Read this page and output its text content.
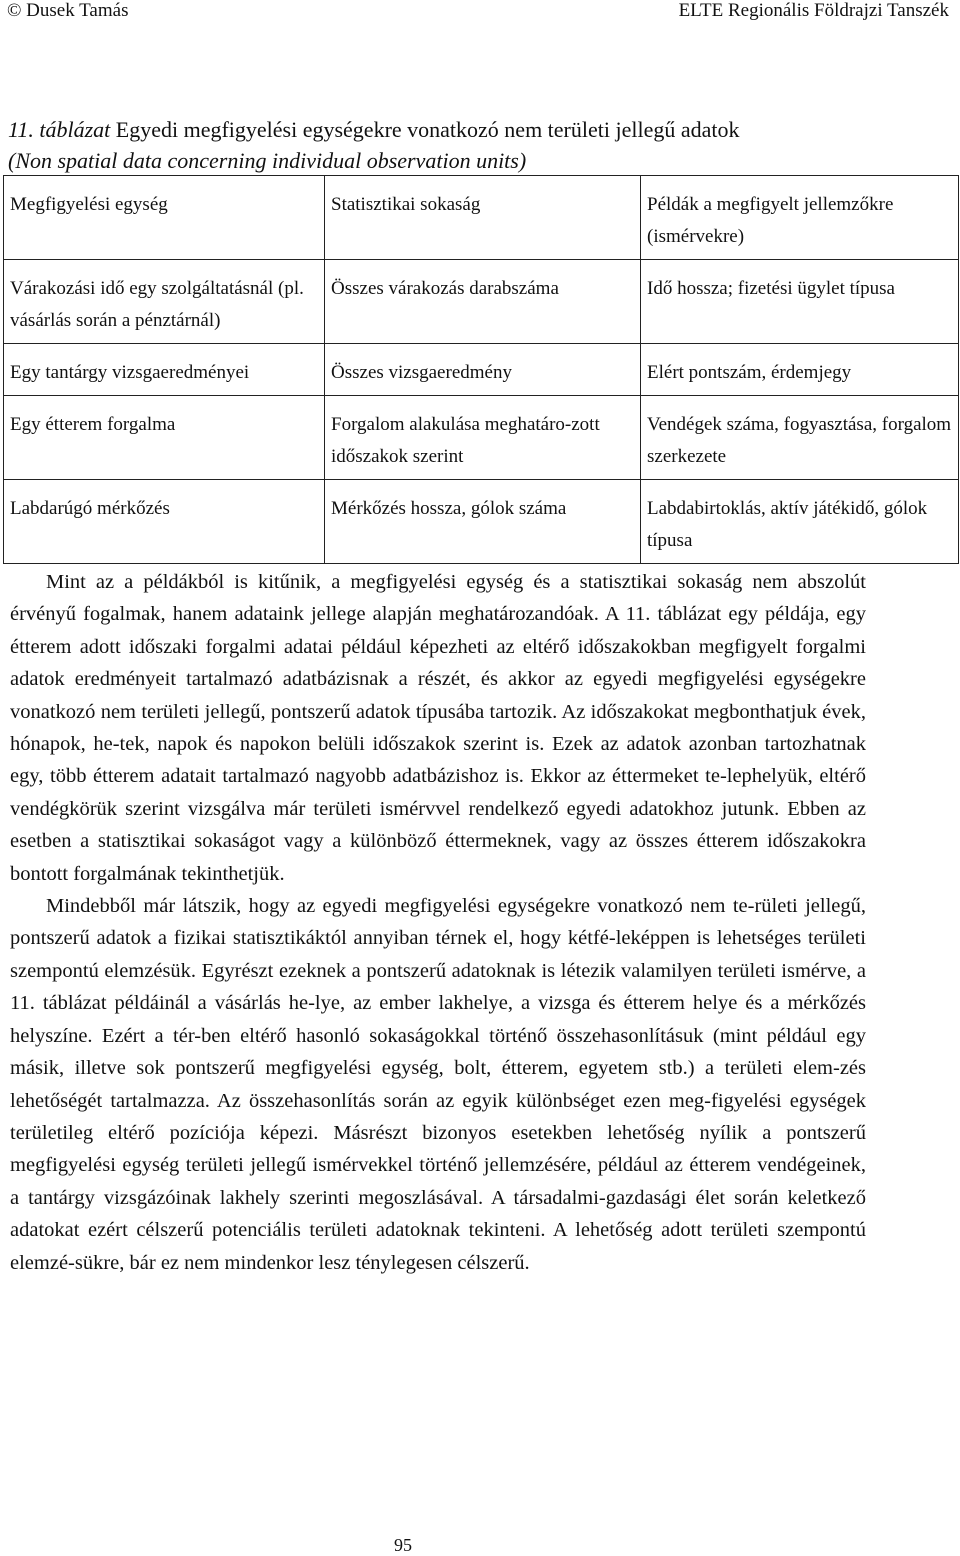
© Dusek Tamás	ELTE Regionális Földrajzi Tanszék
11. táblázat Egyedi megfigyelési egységekre vonatkozó nem területi jellegű adatok
(Non spatial data concerning individual observation units)
Megfigyelési egység	Statisztikai sokaság	Példák a megfigyelt jellemzőkre (ismérvekre)
Várakozási idő egy szolgáltatásnál (pl. vásárlás során a pénztárnál)	Összes várakozás darabszáma	Idő hossza; fizetési ügylet típusa
Egy tantárgy vizsgaeredményei	Összes vizsgaeredmény	Elért pontszám, érdemjegy
Egy étterem forgalma	Forgalom alakulása meghatáro-zott időszakok szerint	Vendégek száma, fogyasztása, forgalom szerkezete
Labdarúgó mérkőzés	Mérkőzés hossza, gólok száma	Labdabirtoklás, aktív játékidő, gólok típusa

Mint az a példákból is kitűnik, a megfigyelési egység és a statisztikai sokaság nem abszolút érvényű fogalmak, hanem adataink jellege alapján meghatározandóak. A 11. táblázat egy példája, egy étterem adott időszaki forgalmi adatai például képezheti az eltérő időszakokban megfigyelt forgalmi adatok eredményeit tartalmazó adatbázisnak a részét, és akkor az egyedi megfigyelési egységekre vonatkozó nem területi jellegű, pontszerű adatok típusába tartozik. Az időszakokat megbonthatjuk évek, hónapok, he-tek, napok és napokon belüli időszakok szerint is. Ezek az adatok azonban tartozhatnak egy, több étterem adatait tartalmazó nagyobb adatbázishoz is. Ekkor az éttermeket te-lephelyük, eltérő vendégkörük szerint vizsgálva már területi ismérvvel rendelkező egyedi adatokhoz jutunk. Ebben az esetben a statisztikai sokaságot vagy a különböző éttermeknek, vagy az összes étterem időszakokra bontott forgalmának tekinthetjük.

Mindebből már látszik, hogy az egyedi megfigyelési egységekre vonatkozó nem te-rületi jellegű, pontszerű adatok a fizikai statisztikáktól annyiban térnek el, hogy kétfé-leképpen is lehetséges területi szempontú elemzésük. Egyrészt ezeknek a pontszerű adatoknak is létezik valamilyen területi ismérve, a 11. táblázat példáinál a vásárlás he-lye, az ember lakhelye, a vizsga és étterem helye és a mérkőzés helyszíne. Ezért a tér-ben eltérő hasonló sokaságokkal történő összehasonlításuk (mint például egy másik, illetve sok pontszerű megfigyelési egység, bolt, étterem, egyetem stb.) a területi elem-zés lehetőségét tartalmazza. Az összehasonlítás során az egyik különbséget ezen meg-figyelési egységek területileg eltérő pozíciója képezi. Másrészt bizonyos esetekben lehetőség nyílik a pontszerű megfigyelési egység területi jellegű ismérvekkel történő jellemzésére, például az étterem vendégeinek, a tantárgy vizsgázóinak lakhely szerinti megoszlásával. A társadalmi-gazdasági élet során keletkező adatokat ezért célszerű potenciális területi adatoknak tekinteni. A lehetőség adott területi szempontú elemzé-sükre, bár ez nem mindenkor lesz ténylegesen célszerű.

95
